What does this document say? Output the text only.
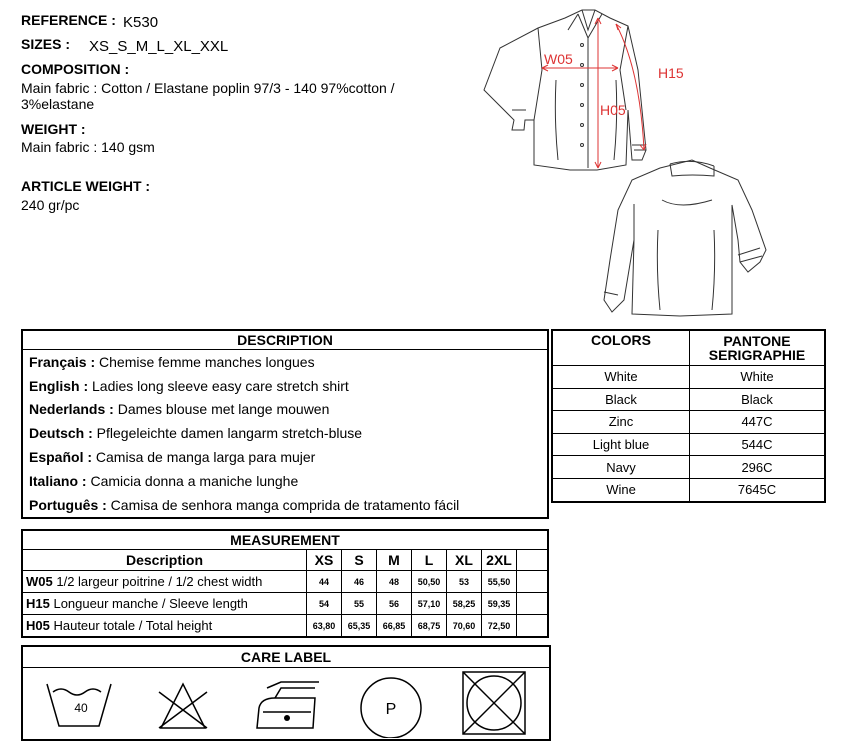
REFERENCE : K530
SIZES : XS_S_M_L_XL_XXL
COMPOSITION :
Main fabric : Cotton / Elastane poplin 97/3 - 140 97%cotton /
3%elastane
WEIGHT :
Main fabric : 140 gsm
ARTICLE WEIGHT :
240 gr/pc
W05
H15
H05
DESCRIPTION
Français : Chemise femme manches longues
English : Ladies long sleeve easy care stretch shirt
Nederlands : Dames blouse met lange mouwen
Deutsch : Pflegeleichte damen langarm stretch-bluse
Español : Camisa de manga larga para mujer
Italiano : Camicia donna a maniche lunghe
Português : Camisa de senhora manga comprida de tratamento fácil
COLORS	PANTONE
SERIGRAPHIE
White	White
Black	Black
Zinc	447C
Light blue	544C
Navy	296C
Wine	7645C
MEASUREMENT							
Description	XS	S	M	L	XL	2XL	
W05 1/2 largeur poitrine / 1/2 chest width	44	46	48	50,50	53	55,50	
H15 Longueur manche / Sleeve length	54	55	56	57,10	58,25	59,35	
H05 Hauteur totale / Total height	63,80	65,35	66,85	68,75	70,60	72,50	
CARE LABEL
40	P
